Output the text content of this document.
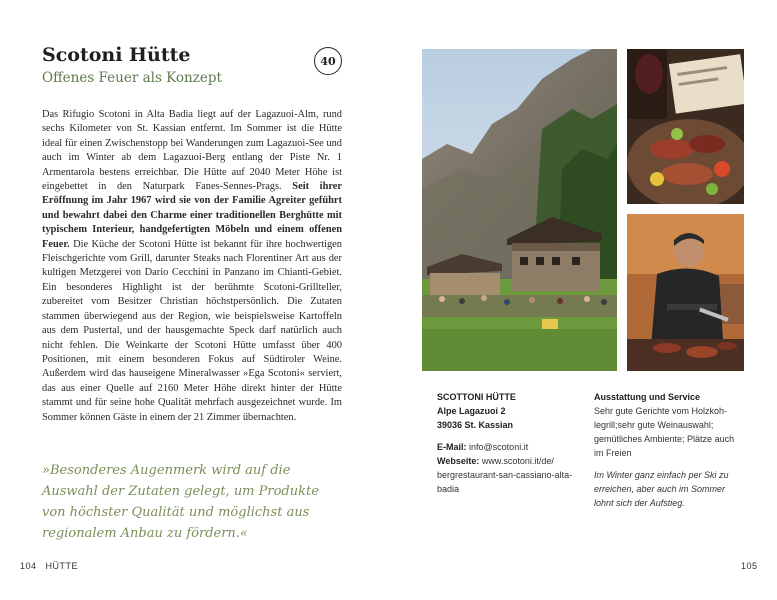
Scotoni Hütte
Offenes Feuer als Konzept
40

Das Rifugio Scotoni in Alta Badia liegt auf der Lagazuoi-Alm, rund sechs Kilometer von St. Kassian entfernt. Im Sommer ist die Hütte ideal für einen Zwischenstopp bei Wanderungen zum Lagazuoi-See und auch im Winter ab dem Lagazuoi-Berg entlang der Piste Nr. 1 Armentarola bestens erreichbar. Die Hütte auf 2040 Meter Höhe ist eingebettet in den Naturpark Fanes-Sennes-Prags. Seit ihrer Eröffnung im Jahr 1967 wird sie von der Familie Agreiter geführt und bewahrt dabei den Charme einer traditionellen Berghütte mit typischem Interieur, handgefertigten Möbeln und einem offenen Feuer. Die Küche der Scotoni Hütte ist bekannt für ihre hochwertigen Fleischgerichte vom Grill, darunter Steaks nach Florentiner Art aus der kultigen Metzgerei von Dario Cecchini in Panzano im Chianti-Gebiet. Ein besonderes Highlight ist der berühmte Scotoni-Grillteller, zubereitet vom Besitzer Christian höchstpersönlich. Die Zutaten stammen überwiegend aus der Region, wie beispielsweise Kartoffeln aus dem Pustertal, und der hausgemachte Speck darf natürlich auch nicht fehlen. Die Weinkarte der Scotoni Hütte umfasst über 400 Positionen, mit einem besonderen Fokus auf Südtiroler Weine. Außerdem wird das hauseigene Mineralwasser »Ega Scotoni« serviert, das aus einer Quelle auf 2160 Meter Höhe direkt hinter der Hütte stammt und für seine hohe Qualität mehrfach ausgezeichnet wurde. Im Sommer können Gäste in einem der 21 Zimmer übernachten.

»Besonderes Augenmerk wird auf die Auswahl der Zutaten gelegt, um Produkte von höchster Qualität und möglichst aus regionalem Anbau zu fördern.«

104 HÜTTE
SCOTTONI HÜTTE
Alpe Lagazuoi 2
39036 St. Kassian
E-Mail: info@scotoni.it
Webseite: www.scotoni.it/de/
bergrestaurant-san-cassiano-alta-
badia
Ausstattung und Service
Sehr gute Gerichte vom Holzkoh-
legrill;sehr gute Weinauswahl;
gemütliches Ambiente; Plätze auch
im Freien
Im Winter ganz einfach per Ski zu
erreichen, aber auch im Sommer
lohnt sich der Aufstieg.
105
